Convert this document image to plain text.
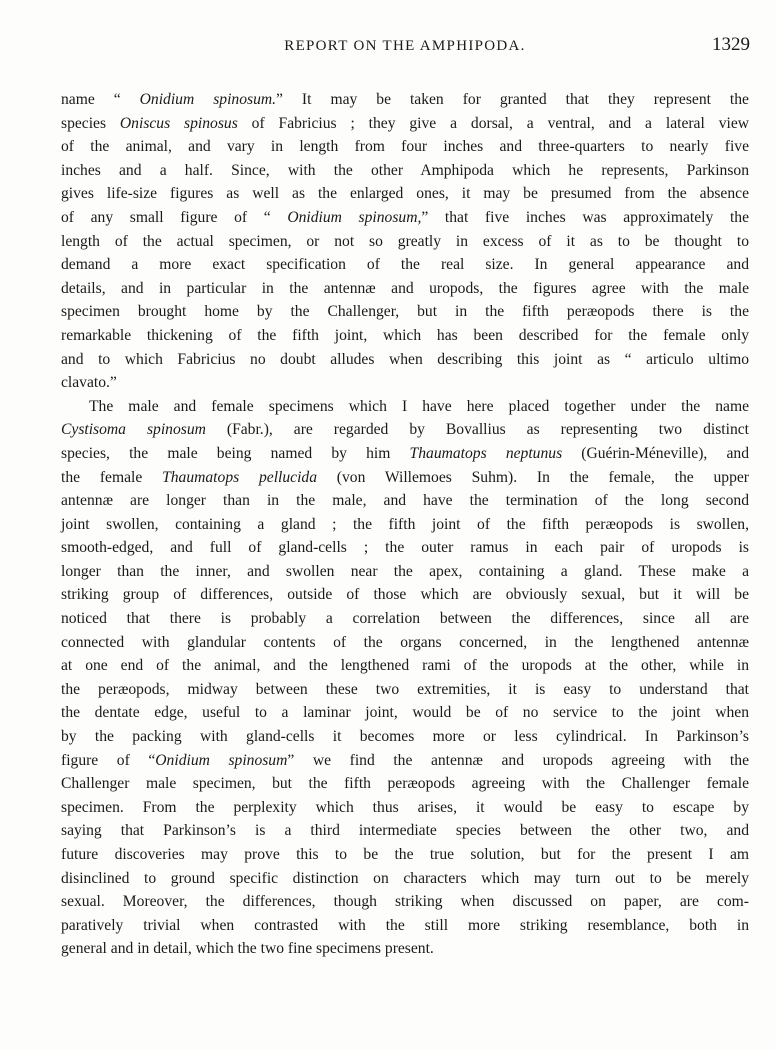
REPORT ON THE AMPHIPODA.	1329
name “ Onidium spinosum.” It may be taken for granted that they represent the
species Oniscus spinosus of Fabricius ; they give a dorsal, a ventral, and a lateral view
of the animal, and vary in length from four inches and three-quarters to nearly five
inches and a half. Since, with the other Amphipoda which he represents, Parkinson
gives life-size figures as well as the enlarged ones, it may be presumed from the absence
of any small figure of “ Onidium spinosum,” that five inches was approximately the
length of the actual specimen, or not so greatly in excess of it as to be thought to
demand a more exact specification of the real size. In general appearance and
details, and in particular in the antennæ and uropods, the figures agree with the male
specimen brought home by the Challenger, but in the fifth peræopods there is the
remarkable thickening of the fifth joint, which has been described for the female only
and to which Fabricius no doubt alludes when describing this joint as “ articulo ultimo
clavato.”
The male and female specimens which I have here placed together under the name
Cystisoma spinosum (Fabr.), are regarded by Bovallius as representing two distinct
species, the male being named by him Thaumatops neptunus (Guérin-Méneville), and
the female Thaumatops pellucida (von Willemoes Suhm). In the female, the upper
antennæ are longer than in the male, and have the termination of the long second
joint swollen, containing a gland ; the fifth joint of the fifth peræopods is swollen,
smooth-edged, and full of gland-cells ; the outer ramus in each pair of uropods is
longer than the inner, and swollen near the apex, containing a gland. These make a
striking group of differences, outside of those which are obviously sexual, but it will be
noticed that there is probably a correlation between the differences, since all are
connected with glandular contents of the organs concerned, in the lengthened antennæ
at one end of the animal, and the lengthened rami of the uropods at the other, while in
the peræopods, midway between these two extremities, it is easy to understand that
the dentate edge, useful to a laminar joint, would be of no service to the joint when
by the packing with gland-cells it becomes more or less cylindrical. In Parkinson’s
figure of “Onidium spinosum” we find the antennæ and uropods agreeing with the
Challenger male specimen, but the fifth peræopods agreeing with the Challenger female
specimen. From the perplexity which thus arises, it would be easy to escape by
saying that Parkinson’s is a third intermediate species between the other two, and
future discoveries may prove this to be the true solution, but for the present I am
disinclined to ground specific distinction on characters which may turn out to be merely
sexual. Moreover, the differences, though striking when discussed on paper, are com-
paratively trivial when contrasted with the still more striking resemblance, both in
general and in detail, which the two fine specimens present.
